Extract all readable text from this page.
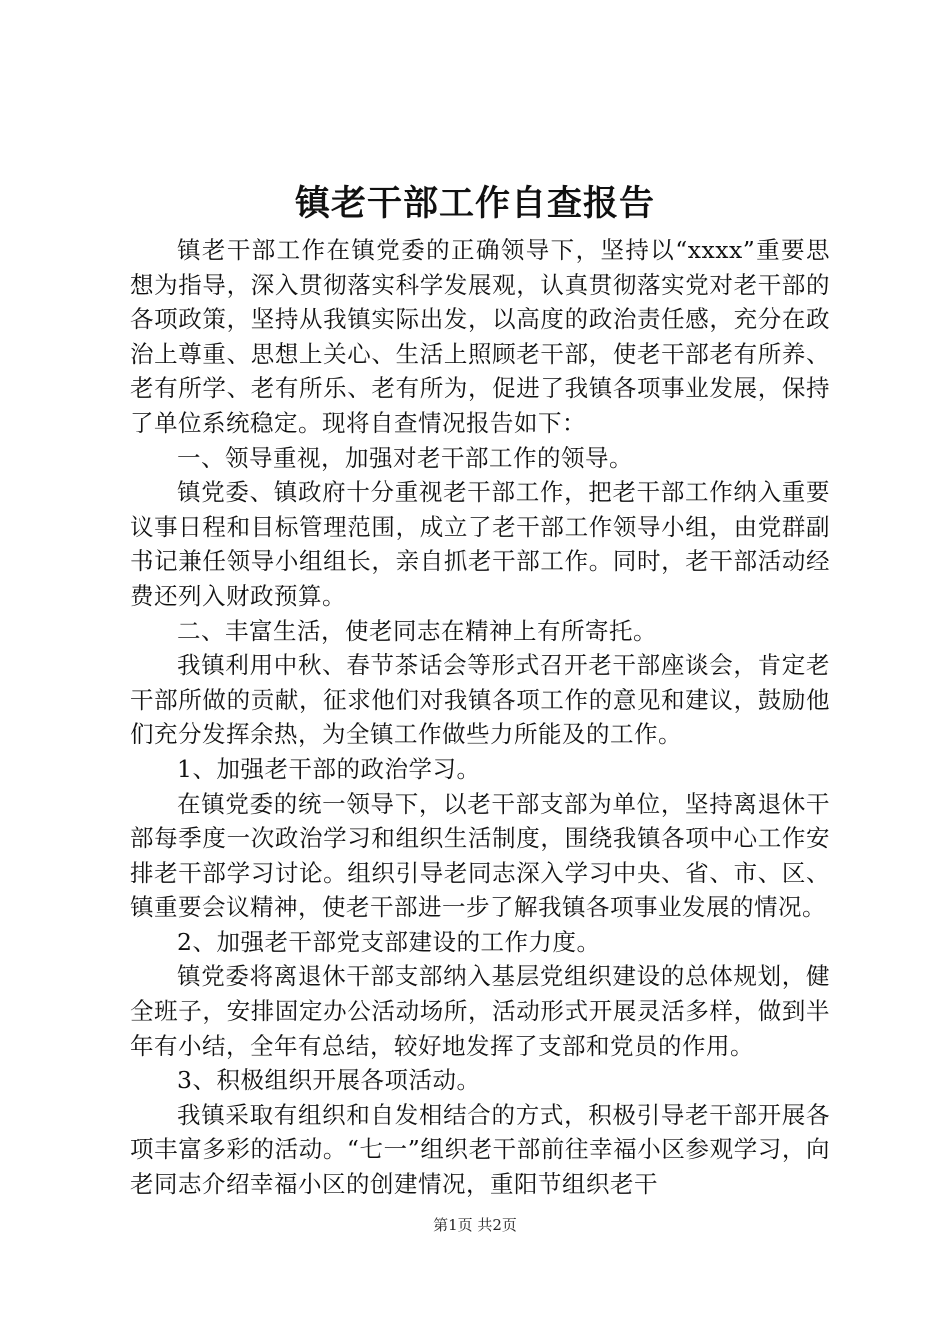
镇老干部工作自查报告

镇老干部工作在镇党委的正确领导下，坚持以“xxxx”重要思想为指导，深入贯彻落实科学发展观，认真贯彻落实党对老干部的各项政策，坚持从我镇实际出发，以高度的政治责任感，充分在政治上尊重、思想上关心、生活上照顾老干部，使老干部老有所养、老有所学、老有所乐、老有所为，促进了我镇各项事业发展，保持了单位系统稳定。现将自查情况报告如下：

一、领导重视，加强对老干部工作的领导。

镇党委、镇政府十分重视老干部工作，把老干部工作纳入重要议事日程和目标管理范围，成立了老干部工作领导小组，由党群副书记兼任领导小组组长，亲自抓老干部工作。同时，老干部活动经费还列入财政预算。

二、丰富生活，使老同志在精神上有所寄托。

我镇利用中秋、春节茶话会等形式召开老干部座谈会，肯定老干部所做的贡献，征求他们对我镇各项工作的意见和建议，鼓励他们充分发挥余热，为全镇工作做些力所能及的工作。

1、加强老干部的政治学习。

在镇党委的统一领导下，以老干部支部为单位，坚持离退休干部每季度一次政治学习和组织生活制度，围绕我镇各项中心工作安排老干部学习讨论。组织引导老同志深入学习中央、省、市、区、镇重要会议精神，使老干部进一步了解我镇各项事业发展的情况。

2、加强老干部党支部建设的工作力度。

镇党委将离退休干部支部纳入基层党组织建设的总体规划，健全班子，安排固定办公活动场所，活动形式开展灵活多样，做到半年有小结，全年有总结，较好地发挥了支部和党员的作用。

3、积极组织开展各项活动。

我镇采取有组织和自发相结合的方式，积极引导老干部开展各项丰富多彩的活动。“七一”组织老干部前往幸福小区参观学习，向老同志介绍幸福小区的创建情况，重阳节组织老干

第1页 共2页
